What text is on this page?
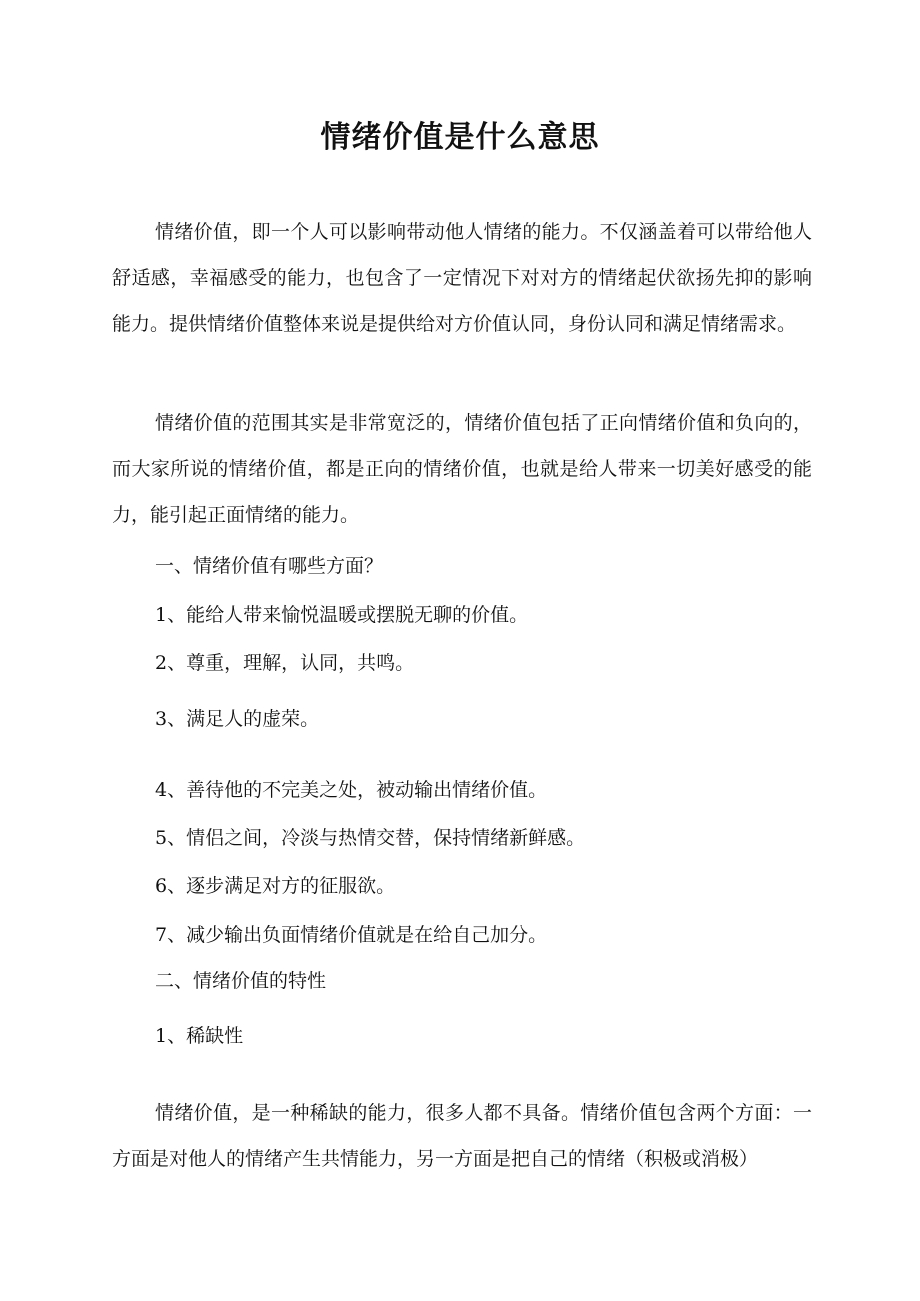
情绪价值是什么意思

情绪价值，即一个人可以影响带动他人情绪的能力。不仅涵盖着可以带给他人舒适感，幸福感受的能力，也包含了一定情况下对对方的情绪起伏欲扬先抑的影响能力。提供情绪价值整体来说是提供给对方价值认同，身份认同和满足情绪需求。

情绪价值的范围其实是非常宽泛的，情绪价值包括了正向情绪价值和负向的，而大家所说的情绪价值，都是正向的情绪价值，也就是给人带来一切美好感受的能力，能引起正面情绪的能力。

一、情绪价值有哪些方面？

1、能给人带来愉悦温暖或摆脱无聊的价值。

2、尊重，理解，认同，共鸣。

3、满足人的虚荣。

4、善待他的不完美之处，被动输出情绪价值。

5、情侣之间，冷淡与热情交替，保持情绪新鲜感。

6、逐步满足对方的征服欲。

7、减少输出负面情绪价值就是在给自己加分。

二、情绪价值的特性

1、稀缺性

情绪价值，是一种稀缺的能力，很多人都不具备。情绪价值包含两个方面：一方面是对他人的情绪产生共情能力，另一方面是把自己的情绪（积极或消极）
